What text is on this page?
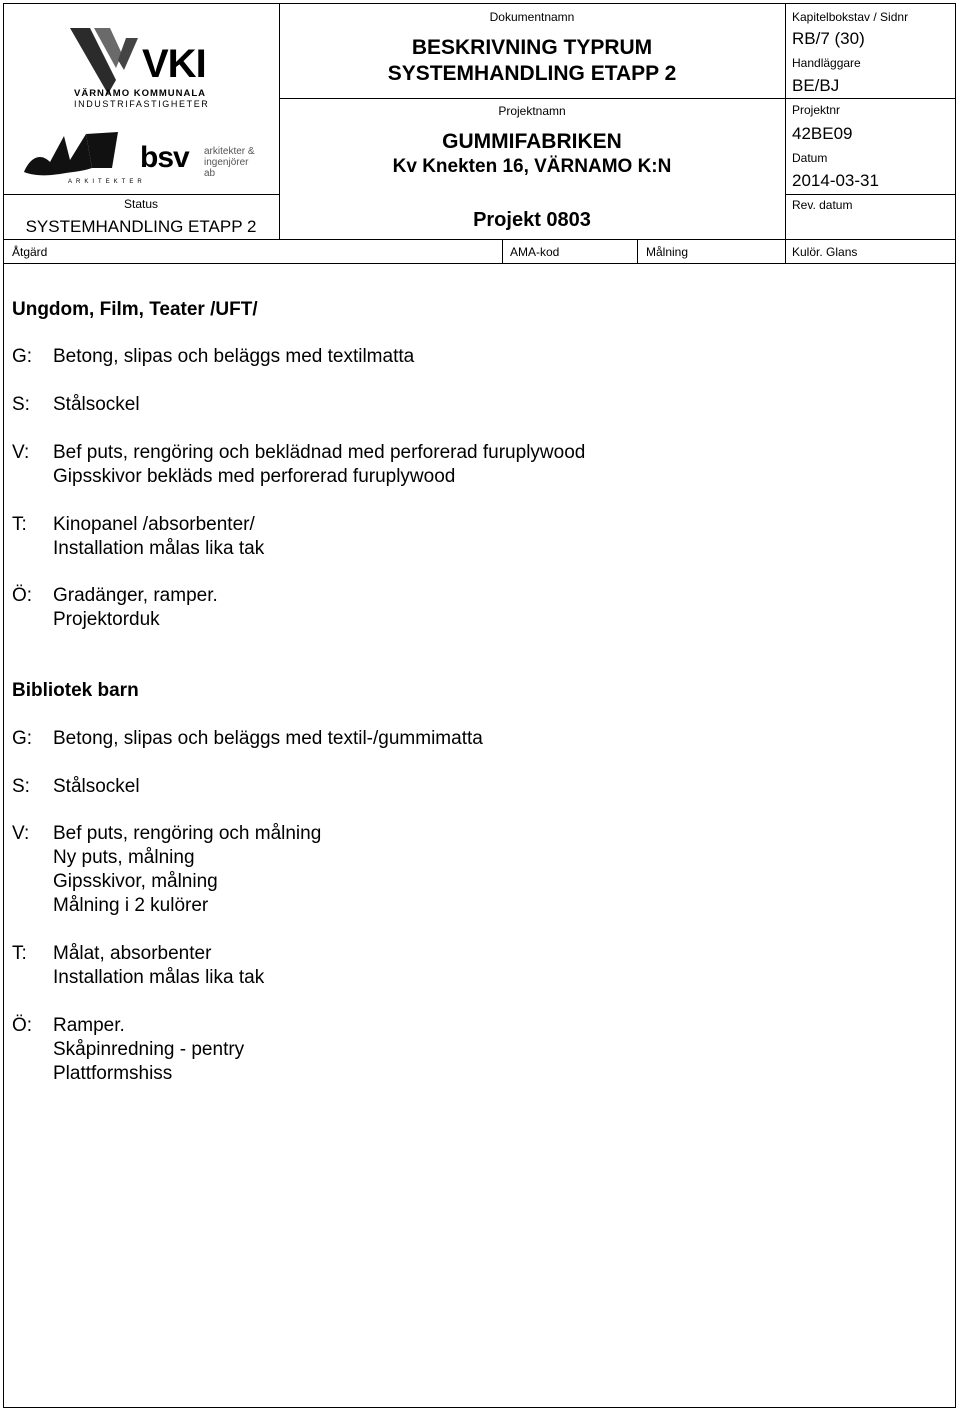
VKI
VÄRNAMO KOMMUNALA
INDUSTRIFASTIGHETER
ARKITEKTER
bsv arkitekter &
ingenjörer ab
Status
SYSTEMHANDLING ETAPP 2
Dokumentnamn
BESKRIVNING TYPRUM
SYSTEMHANDLING ETAPP 2
Projektnamn
GUMMIFABRIKEN
Kv Knekten 16, VÄRNAMO K:N
Projekt 0803
Kapitelbokstav / Sidnr
RB/7 (30)
Handläggare
BE/BJ
Projektnr
42BE09
Datum
2014-03-31
Rev. datum
Åtgärd	AMA-kod	Målning	Kulör. Glans
Ungdom, Film, Teater /UFT/
G: Betong, slipas och beläggs med textilmatta
S: Stålsockel
V: Bef puts, rengöring och beklädnad med perforerad furuplywood
Gipsskivor bekläds med perforerad furuplywood
T: Kinopanel /absorbenter/
Installation målas lika tak
Ö: Gradänger, ramper.
Projektorduk
Bibliotek barn
G: Betong, slipas och beläggs med textil-/gummimatta
S: Stålsockel
V: Bef puts, rengöring och målning
Ny puts, målning
Gipsskivor, målning
Målning i 2 kulörer
T: Målat, absorbenter
Installation målas lika tak
Ö: Ramper.
Skåpinredning - pentry
Plattformshiss
